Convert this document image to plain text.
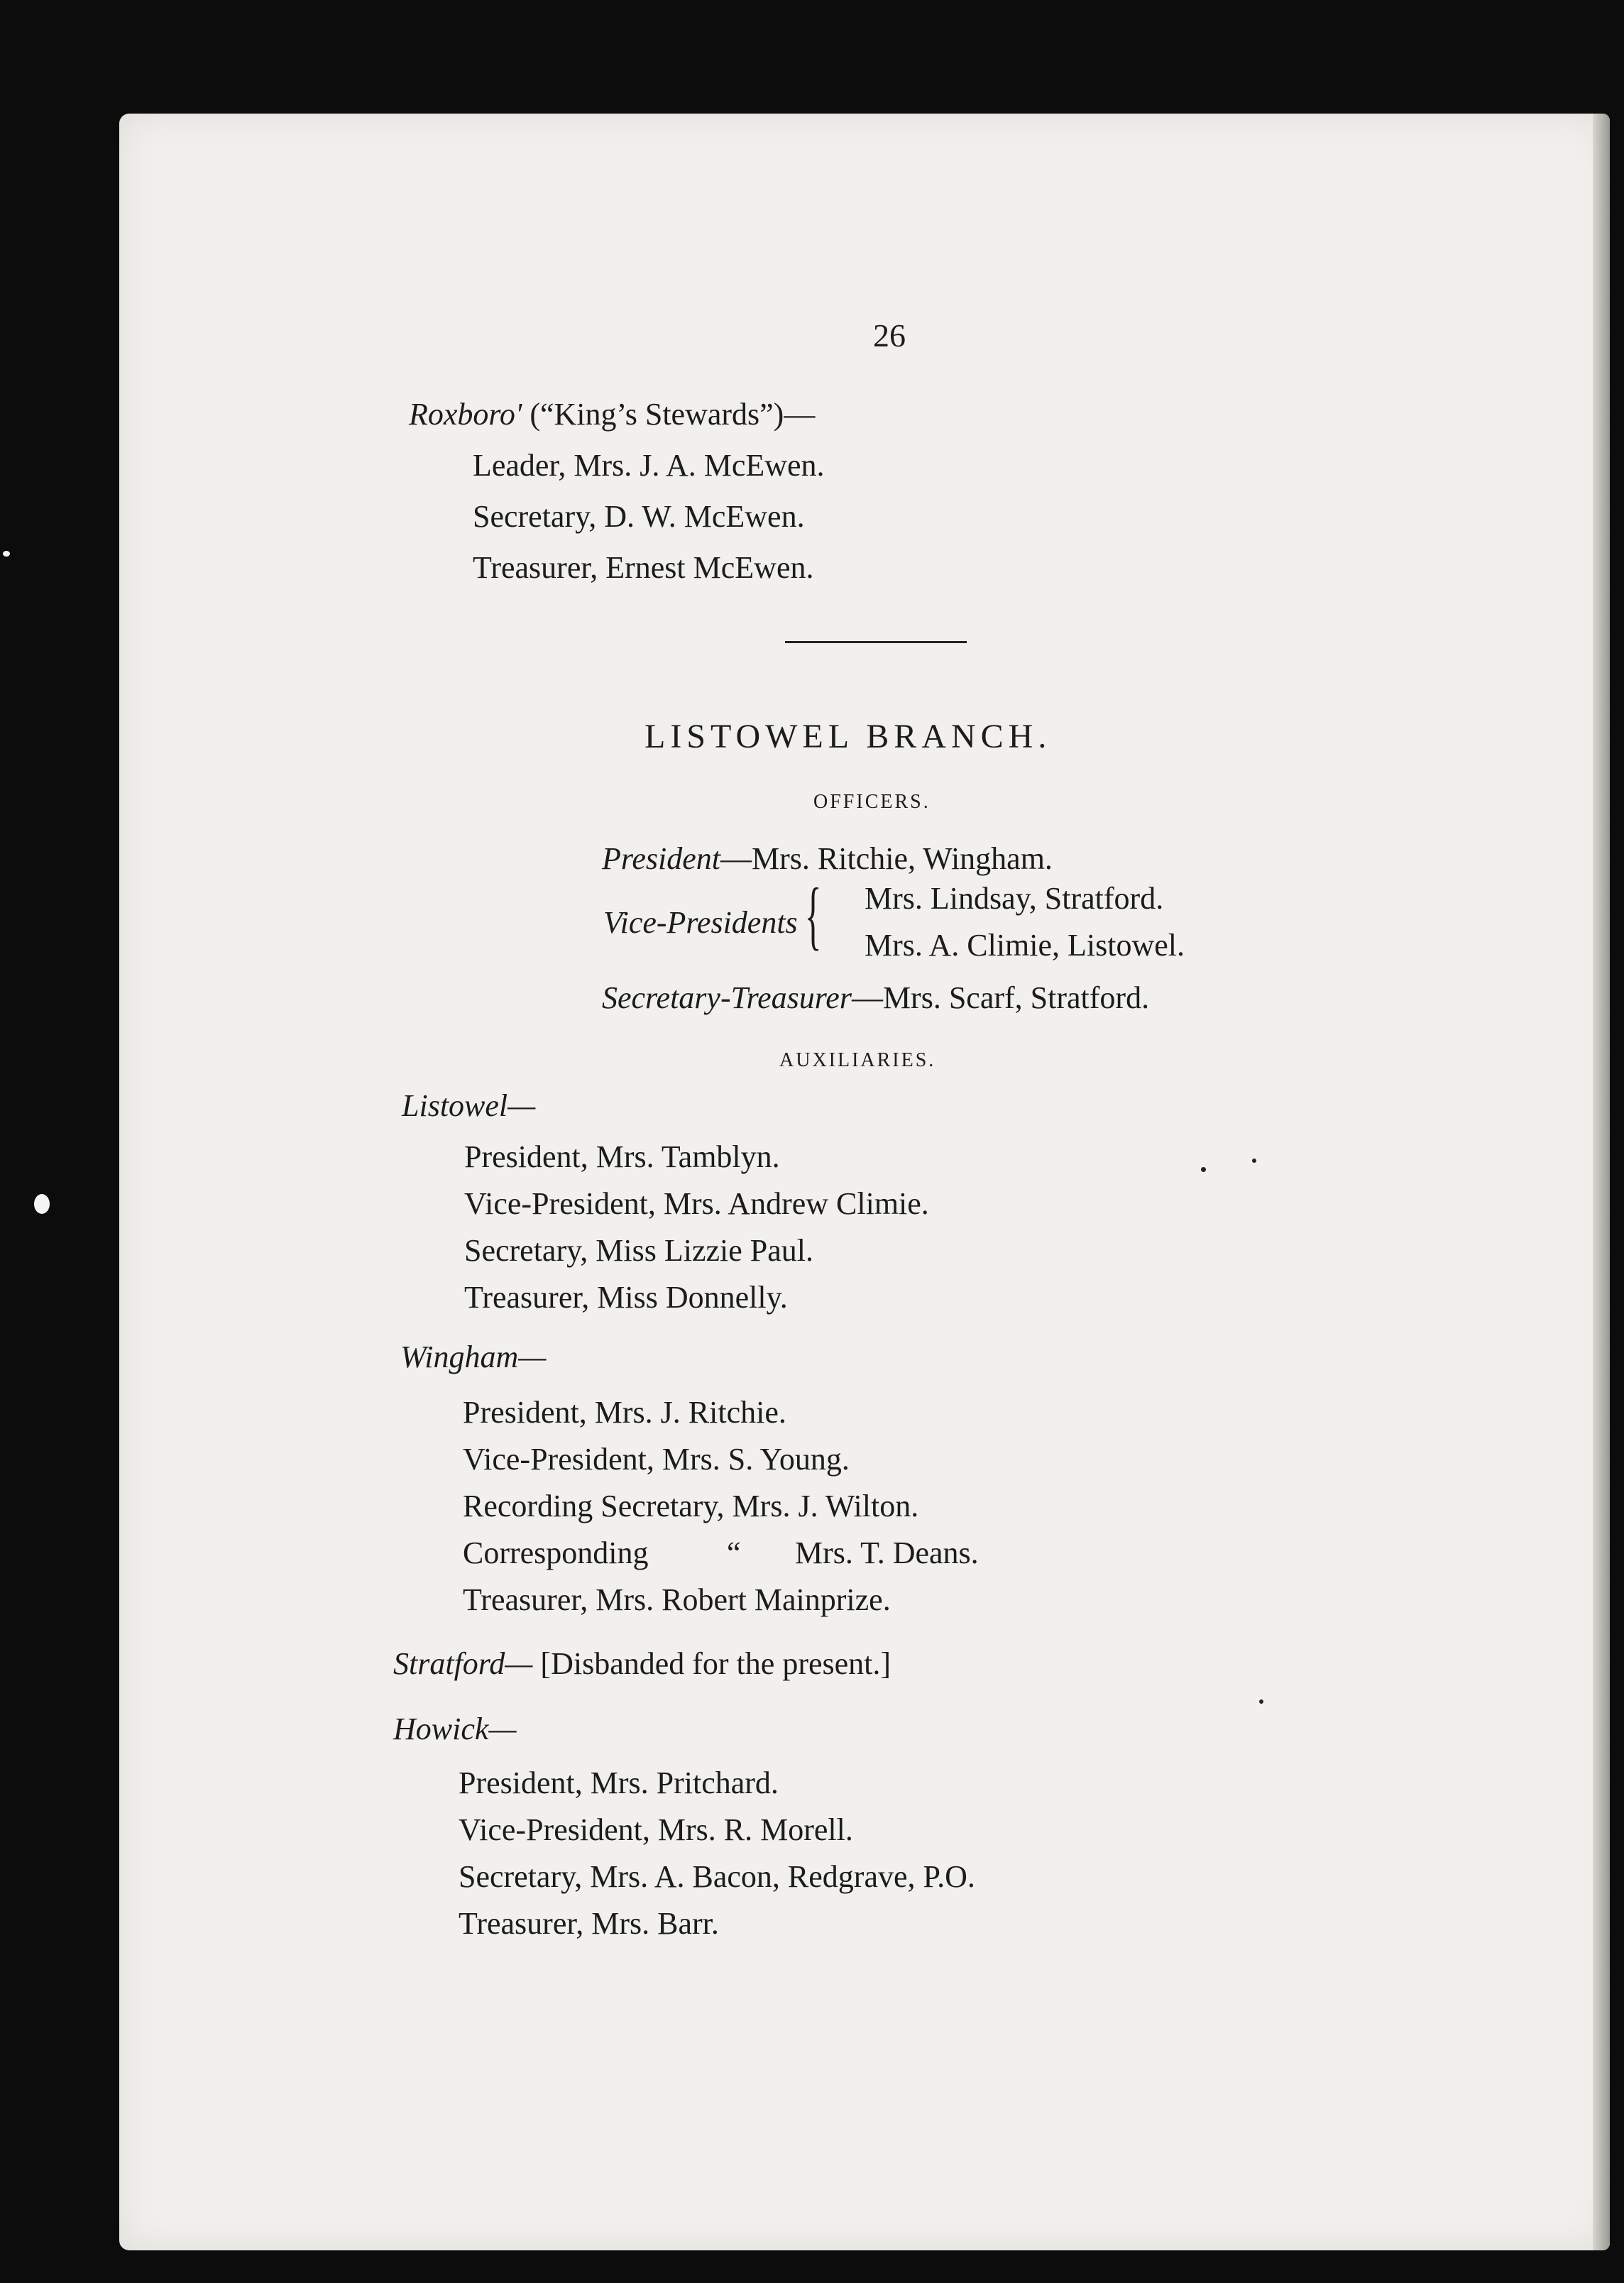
26
Roxboro' (“King’s Stewards”)—
Leader, Mrs. J. A. McEwen.
Secretary, D. W. McEwen.
Treasurer, Ernest McEwen.
LISTOWEL BRANCH.
OFFICERS.
President—Mrs. Ritchie, Wingham.
Vice-Presidents { Mrs. Lindsay, Stratford.
Mrs. A. Climie, Listowel.
Secretary-Treasurer—Mrs. Scarf, Stratford.
AUXILIARIES.
Listowel—
President, Mrs. Tamblyn.
Vice-President, Mrs. Andrew Climie.
Secretary, Miss Lizzie Paul.
Treasurer, Miss Donnelly.
Wingham—
President, Mrs. J. Ritchie.
Vice-President, Mrs. S. Young.
Recording Secretary, Mrs. J. Wilton.
Corresponding	“ Mrs. T. Deans.
Treasurer, Mrs. Robert Mainprize.
Stratford— [Disbanded for the present.]
Howick—
President, Mrs. Pritchard.
Vice-President, Mrs. R. Morell.
Secretary, Mrs. A. Bacon, Redgrave, P.O.
Treasurer, Mrs. Barr.
